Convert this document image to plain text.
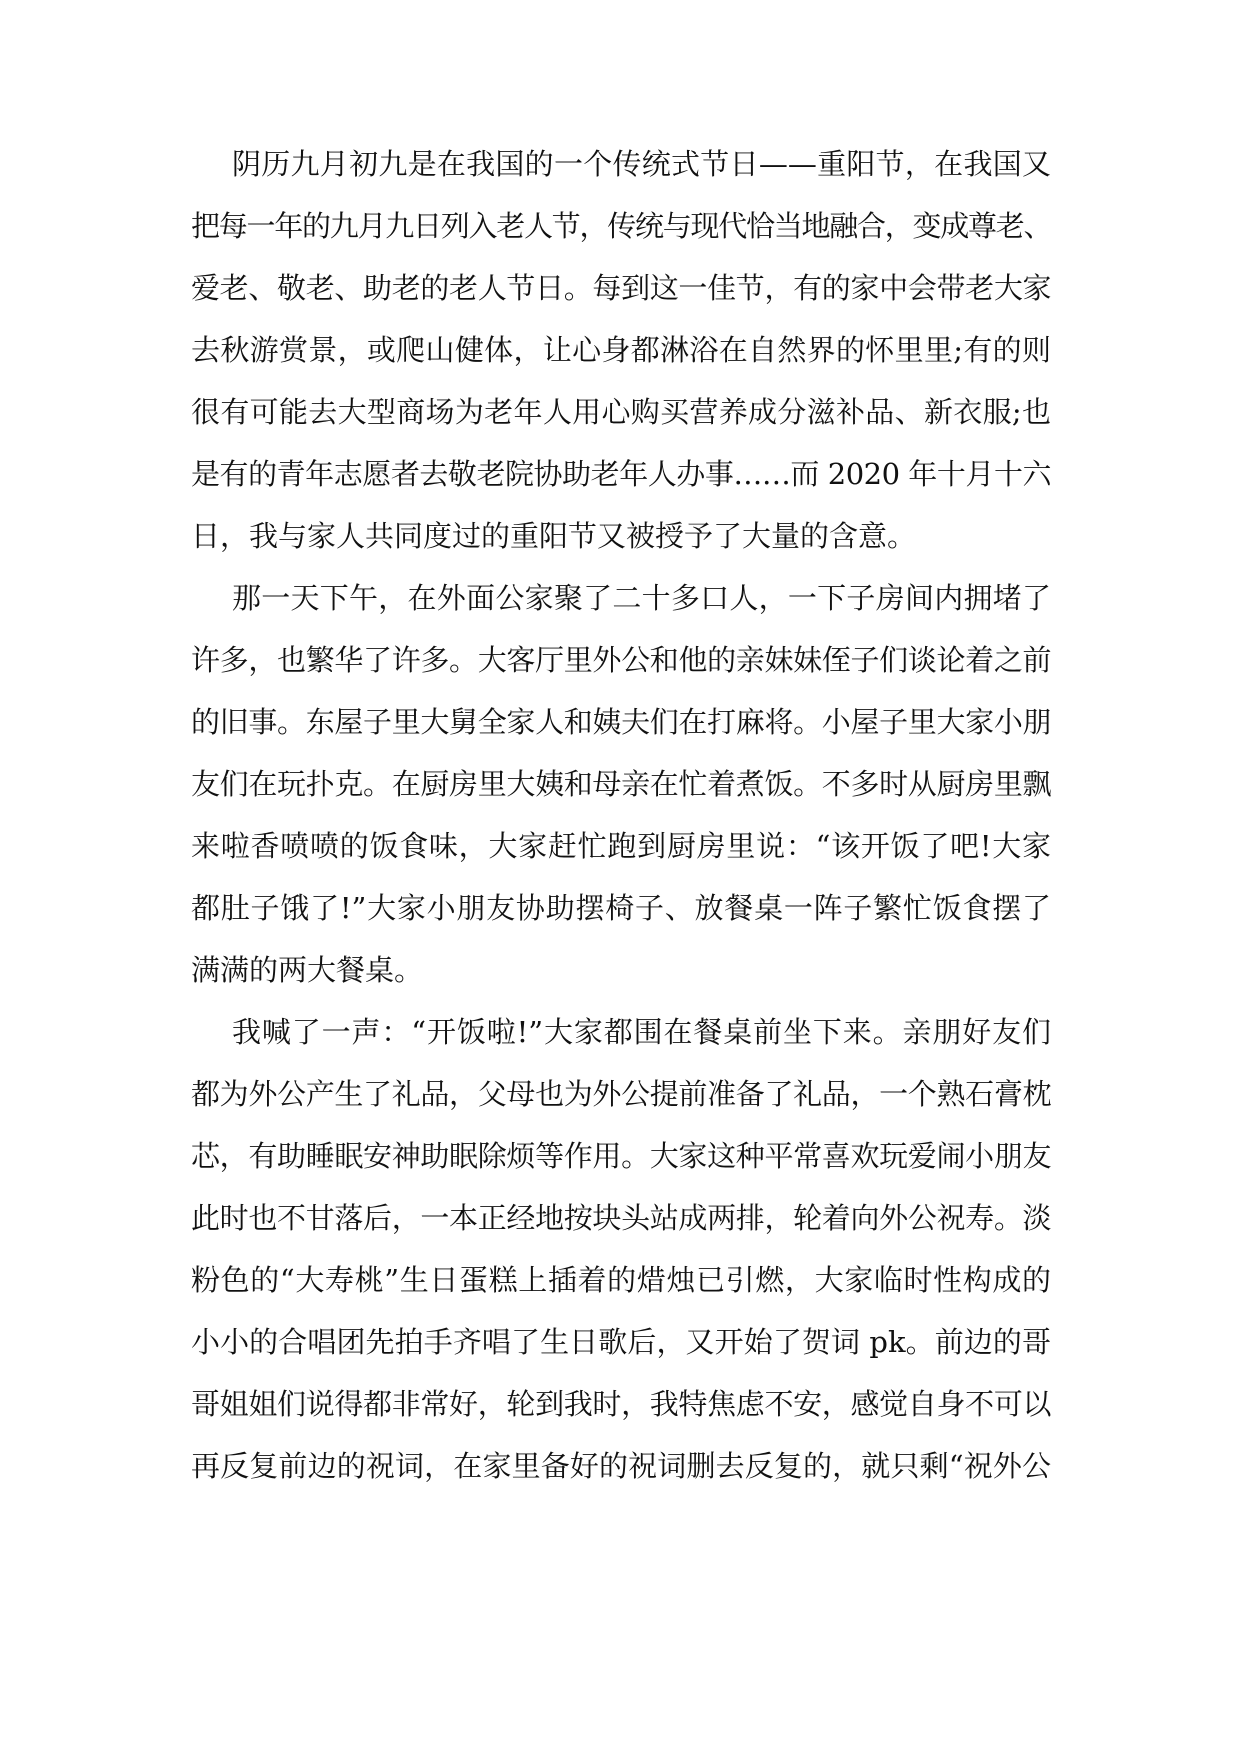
阴历九月初九是在我国的一个传统式节日——重阳节，在我国又
把每一年的九月九日列入老人节，传统与现代恰当地融合，变成尊老、
爱老、敬老、助老的老人节日。每到这一佳节，有的家中会带老大家
去秋游赏景，或爬山健体，让心身都淋浴在自然界的怀里里;有的则
很有可能去大型商场为老年人用心购买营养成分滋补品、新衣服;也
是有的青年志愿者去敬老院协助老年人办事……而 2020 年十月十六
日，我与家人共同度过的重阳节又被授予了大量的含意。
那一天下午，在外面公家聚了二十多口人，一下子房间内拥堵了
许多，也繁华了许多。大客厅里外公和他的亲妹妹侄子们谈论着之前
的旧事。东屋子里大舅全家人和姨夫们在打麻将。小屋子里大家小朋
友们在玩扑克。在厨房里大姨和母亲在忙着煮饭。不多时从厨房里飘
来啦香喷喷的饭食味，大家赶忙跑到厨房里说：“该开饭了吧!大家
都肚子饿了!”大家小朋友协助摆椅子、放餐桌一阵子繁忙饭食摆了
满满的两大餐桌。
我喊了一声：“开饭啦!”大家都围在餐桌前坐下来。亲朋好友们
都为外公产生了礼品，父母也为外公提前准备了礼品，一个熟石膏枕
芯，有助睡眠安神助眠除烦等作用。大家这种平常喜欢玩爱闹小朋友
此时也不甘落后，一本正经地按块头站成两排，轮着向外公祝寿。淡
粉色的“大寿桃”生日蛋糕上插着的焟烛已引燃，大家临时性构成的
小小的合唱团先拍手齐唱了生日歌后，又开始了贺词 pk。前边的哥
哥姐姐们说得都非常好，轮到我时，我特焦虑不安，感觉自身不可以
再反复前边的祝词，在家里备好的祝词删去反复的，就只剩“祝外公
